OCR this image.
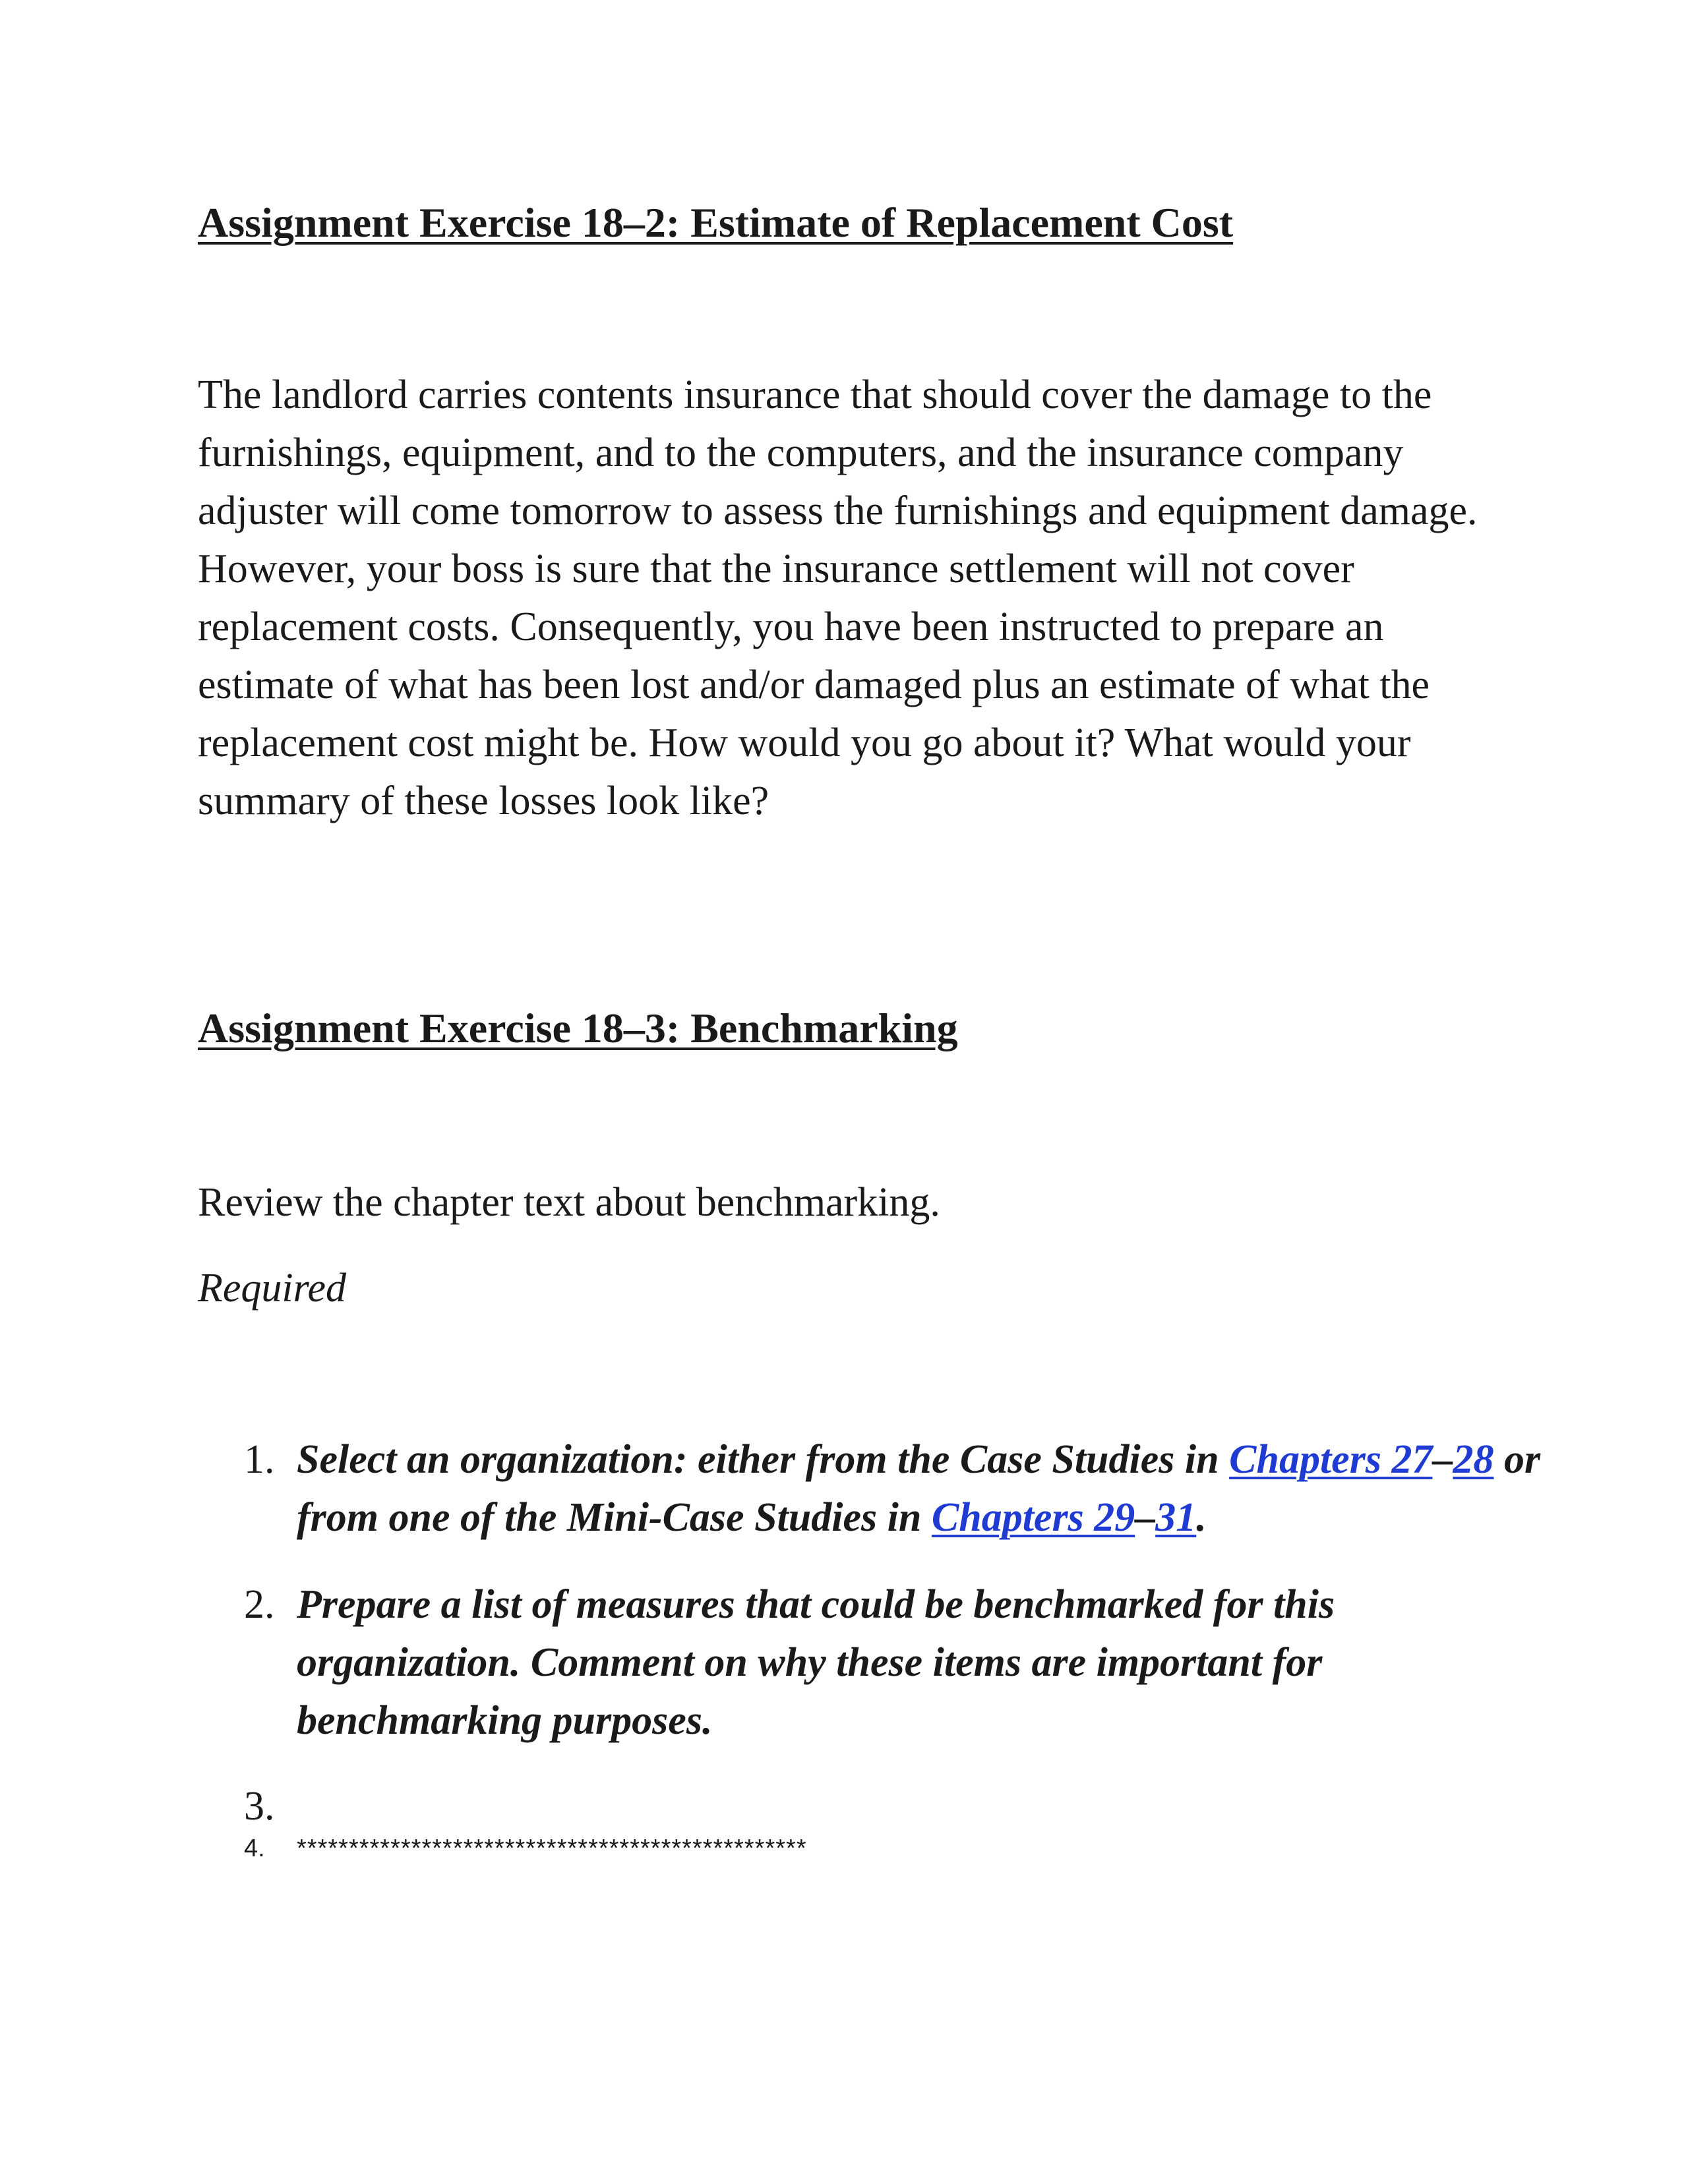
Assignment Exercise 18–2: Estimate of Replacement Cost

The landlord carries contents insurance that should cover the damage to the furnishings, equipment, and to the computers, and the insurance company adjuster will come tomorrow to assess the furnishings and equipment damage. However, your boss is sure that the insurance settlement will not cover replacement costs. Consequently, you have been instructed to prepare an estimate of what has been lost and/or damaged plus an estimate of what the replacement cost might be. How would you go about it? What would your summary of these losses look like?

Assignment Exercise 18–3: Benchmarking

Review the chapter text about benchmarking.

Required

1. Select an organization: either from the Case Studies in Chapters 27–28 or from one of the Mini-Case Studies in Chapters 29–31.
2. Prepare a list of measures that could be benchmarked for this organization. Comment on why these items are important for benchmarking purposes.
3.
4. *************************************************
